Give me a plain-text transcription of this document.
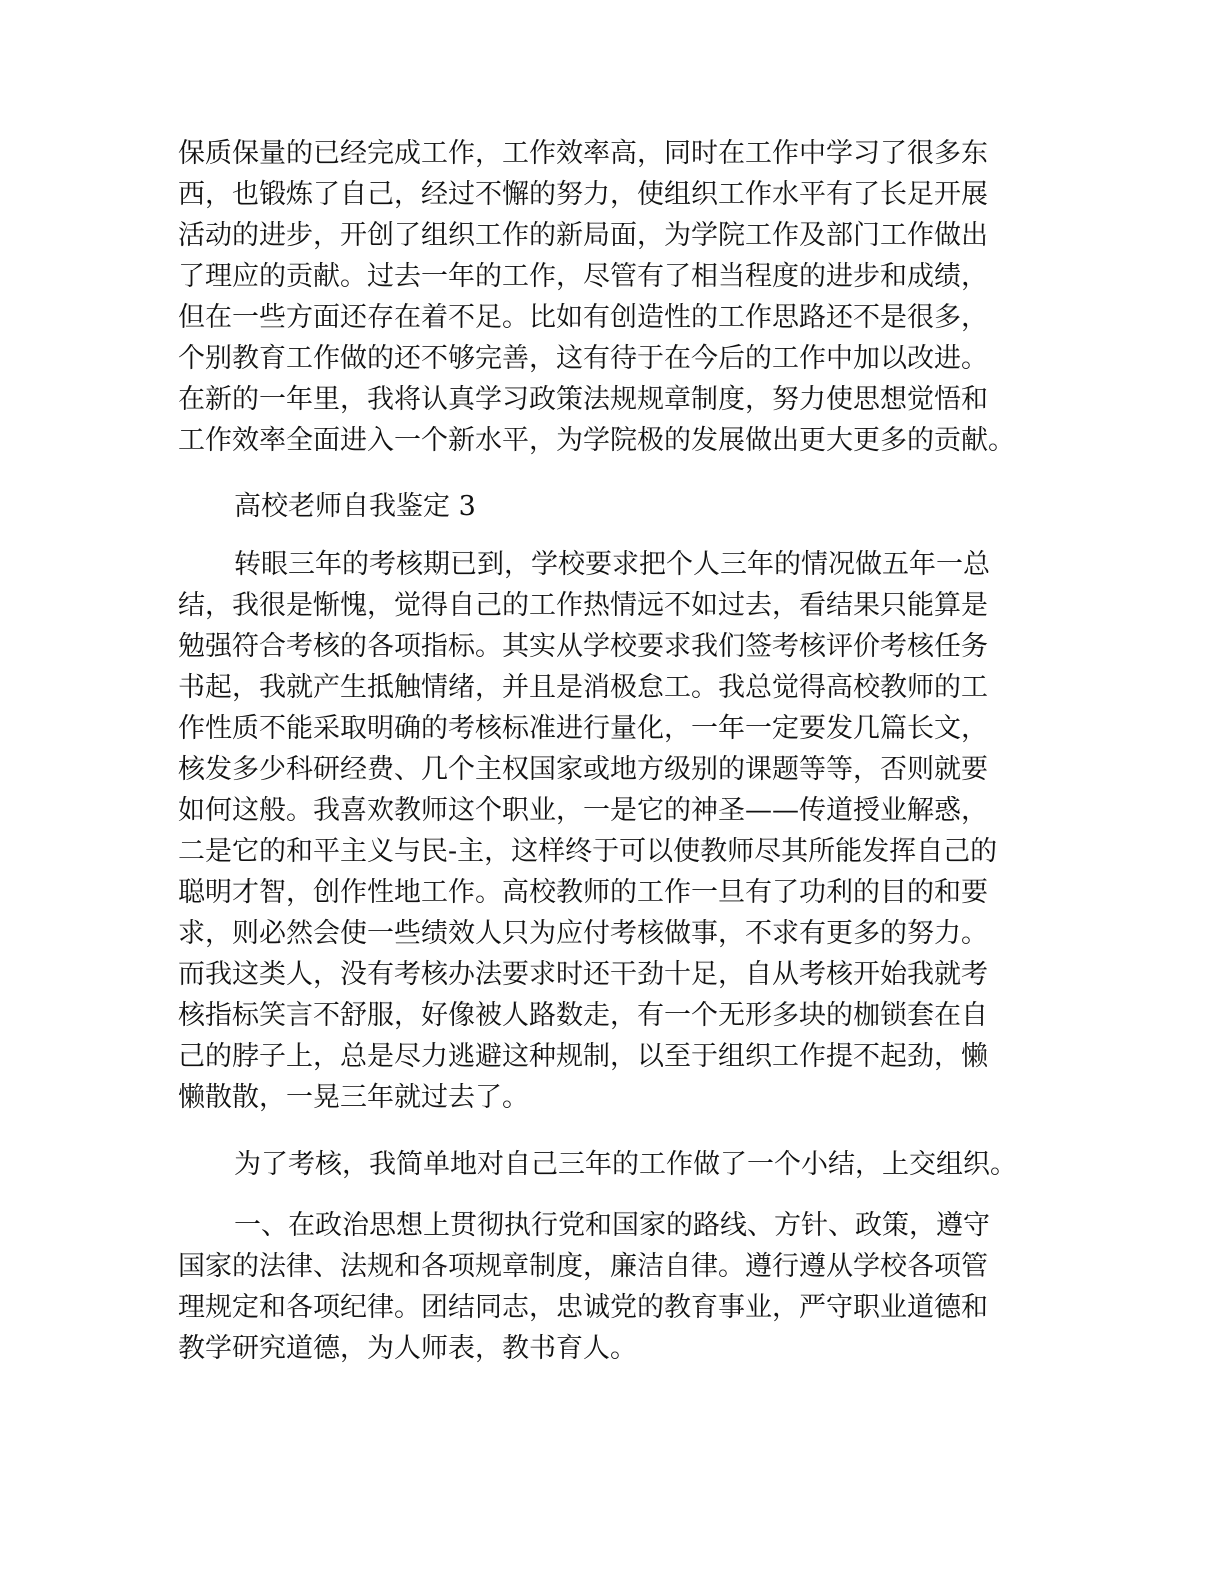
保质保量的已经完成工作，工作效率高，同时在工作中学习了很多东
西，也锻炼了自己，经过不懈的努力，使组织工作水平有了长足开展
活动的进步，开创了组织工作的新局面，为学院工作及部门工作做出
了理应的贡献。过去一年的工作，尽管有了相当程度的进步和成绩，
但在一些方面还存在着不足。比如有创造性的工作思路还不是很多，
个别教育工作做的还不够完善，这有待于在今后的工作中加以改进。
在新的一年里，我将认真学习政策法规规章制度，努力使思想觉悟和
工作效率全面进入一个新水平，为学院极的发展做出更大更多的贡献。
高校老师自我鉴定 3
转眼三年的考核期已到，学校要求把个人三年的情况做五年一总
结，我很是惭愧，觉得自己的工作热情远不如过去，看结果只能算是
勉强符合考核的各项指标。其实从学校要求我们签考核评价考核任务
书起，我就产生抵触情绪，并且是消极怠工。我总觉得高校教师的工
作性质不能采取明确的考核标准进行量化，一年一定要发几篇长文，
核发多少科研经费、几个主权国家或地方级别的课题等等，否则就要
如何这般。我喜欢教师这个职业，一是它的神圣——传道授业解惑，
二是它的和平主义与民-主，这样终于可以使教师尽其所能发挥自己的
聪明才智，创作性地工作。高校教师的工作一旦有了功利的目的和要
求，则必然会使一些绩效人只为应付考核做事，不求有更多的努力。
而我这类人，没有考核办法要求时还干劲十足，自从考核开始我就考
核指标笑言不舒服，好像被人路数走，有一个无形多块的枷锁套在自
己的脖子上，总是尽力逃避这种规制，以至于组织工作提不起劲，懒
懒散散，一晃三年就过去了。
为了考核，我简单地对自己三年的工作做了一个小结，上交组织。
一、在政治思想上贯彻执行党和国家的路线、方针、政策，遵守
国家的法律、法规和各项规章制度，廉洁自律。遵行遵从学校各项管
理规定和各项纪律。团结同志，忠诚党的教育事业，严守职业道德和
教学研究道德，为人师表，教书育人。
